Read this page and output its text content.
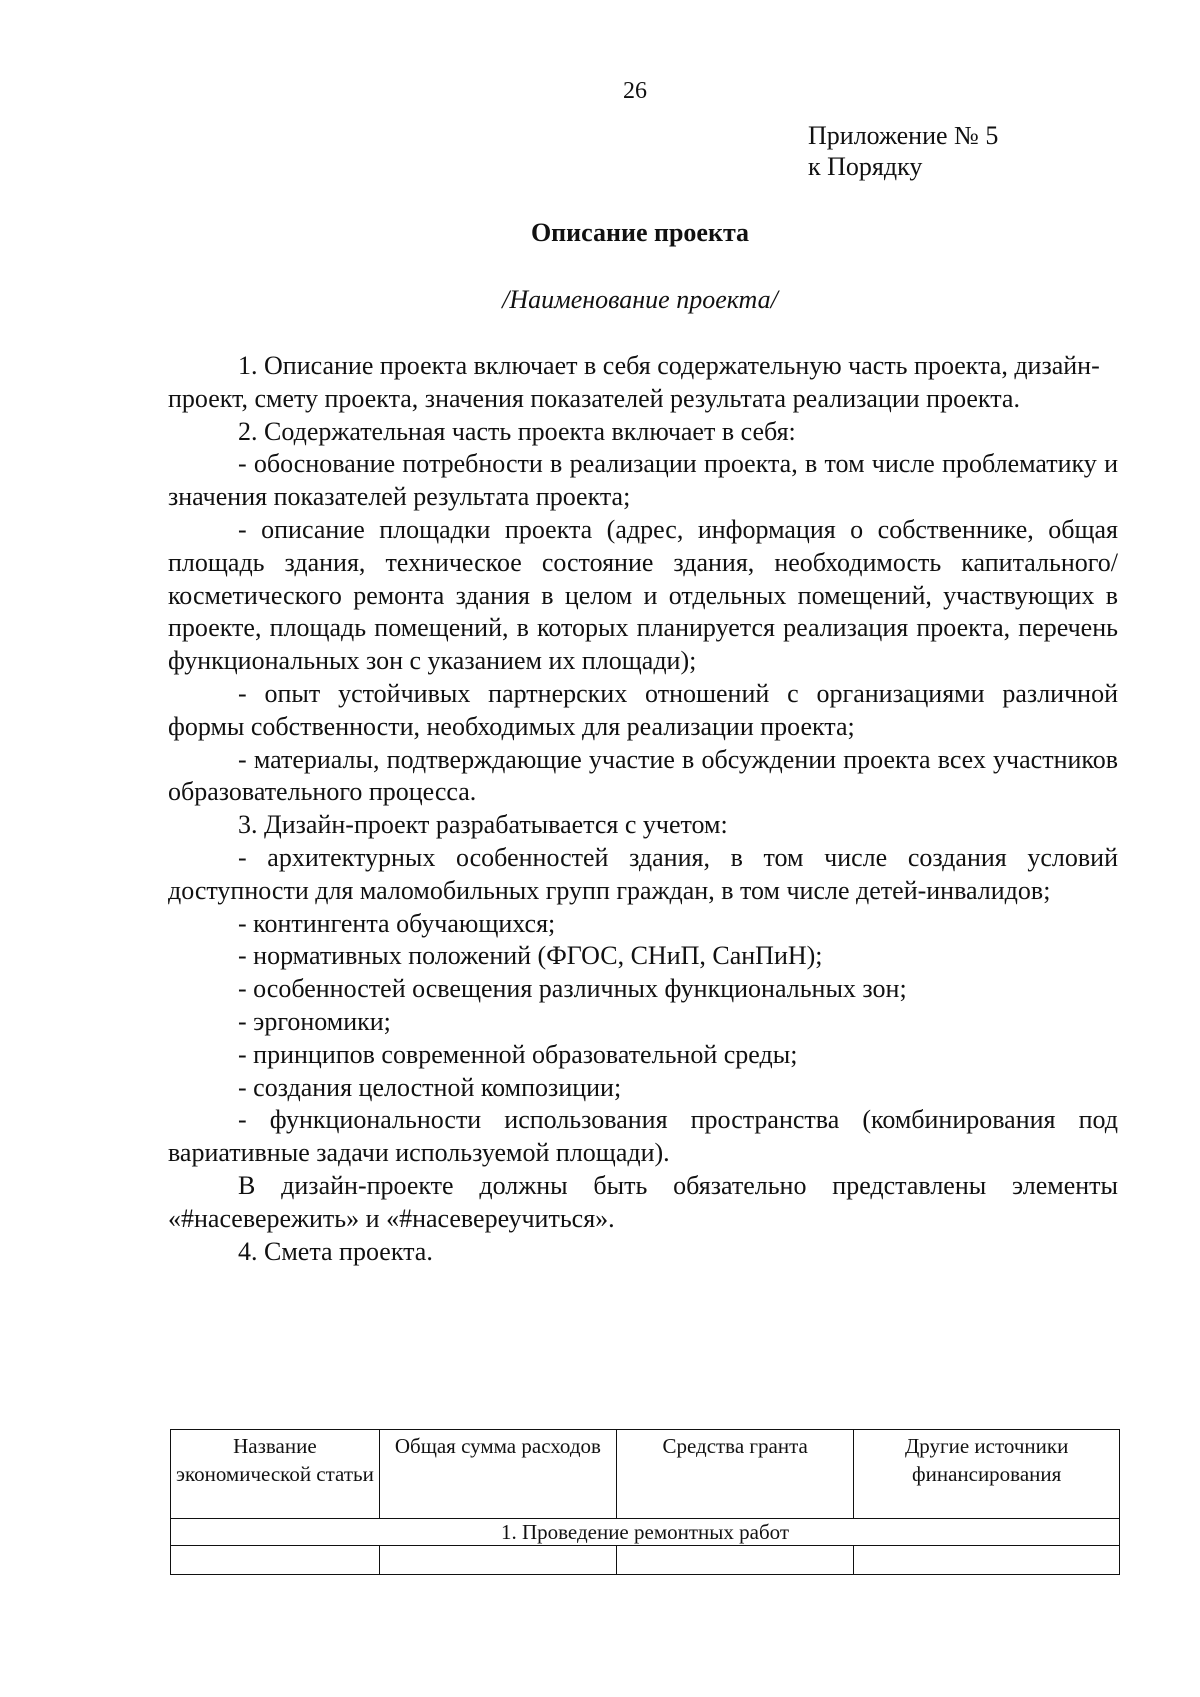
26
Приложение № 5
к Порядку
Описание проекта
/Наименование проекта/

1. Описание проекта включает в себя содержательную часть проекта, дизайн-проект, смету проекта, значения показателей результата реализации проекта.

2. Содержательная часть проекта включает в себя:

- обоснование потребности в реализации проекта, в том числе проблематику и значения показателей результата проекта;

- описание площадки проекта (адрес, информация о собственнике, общая площадь здания, техническое состояние здания, необходимость капитального/косметического ремонта здания в целом и отдельных помещений, участвующих в проекте, площадь помещений, в которых планируется реализация проекта, перечень функциональных зон с указанием их площади);

- опыт устойчивых партнерских отношений с организациями различной формы собственности, необходимых для реализации проекта;

- материалы, подтверждающие участие в обсуждении проекта всех участников образовательного процесса.

3. Дизайн-проект разрабатывается с учетом:

- архитектурных особенностей здания, в том числе создания условий доступности для маломобильных групп граждан, в том числе детей-инвалидов;

- контингента обучающихся;

- нормативных положений (ФГОС, СНиП, СанПиН);

- особенностей освещения различных функциональных зон;

- эргономики;

- принципов современной образовательной среды;

- создания целостной композиции;

- функциональности использования пространства (комбинирования под вариативные задачи используемой площади).

В дизайн-проекте должны быть обязательно представлены элементы «#насевережить» и «#насевереучиться».

4. Смета проекта.

Название экономической статьи	Общая сумма расходов	Средства гранта	Другие источники финансирования
1. Проведение ремонтных работ			
